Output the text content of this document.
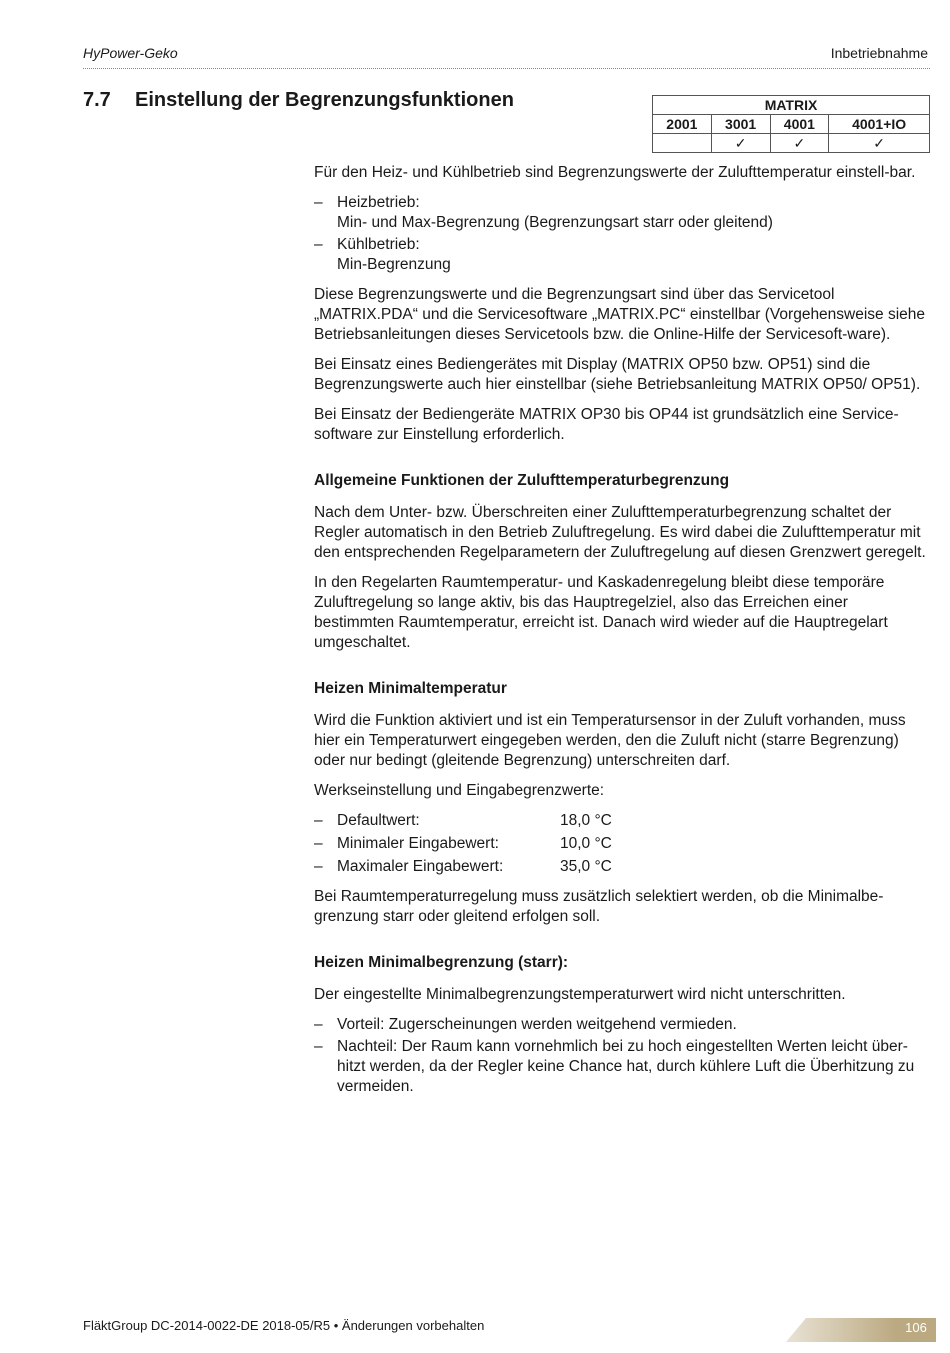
HyPower-Geko	Inbetriebnahme
7.7 Einstellung der Begrenzungsfunktionen	MATRIX			
2001	3001	4001	4001+IO
	✓	✓	✓

Für den Heiz- und Kühlbetrieb sind Begrenzungswerte der Zulufttemperatur einstell-bar.

– Heizbetrieb:
Min- und Max-Begrenzung (Begrenzungsart starr oder gleitend)
– Kühlbetrieb:
Min-Begrenzung

Diese Begrenzungswerte und die Begrenzungsart sind über das Servicetool „MATRIX.PDA“ und die Servicesoftware „MATRIX.PC“ einstellbar (Vorgehensweise siehe Betriebsanleitungen dieses Servicetools bzw. die Online-Hilfe der Servicesoft-ware).

Bei Einsatz eines Bediengerätes mit Display (MATRIX OP50 bzw. OP51) sind die Begrenzungswerte auch hier einstellbar (siehe Betriebsanleitung MATRIX OP50/ OP51).

Bei Einsatz der Bediengeräte MATRIX OP30 bis OP44 ist grundsätzlich eine Service-software zur Einstellung erforderlich.

Allgemeine Funktionen der Zulufttemperaturbegrenzung

Nach dem Unter- bzw. Überschreiten einer Zulufttemperaturbegrenzung schaltet der Regler automatisch in den Betrieb Zuluftregelung. Es wird dabei die Zulufttemperatur mit den entsprechenden Regelparametern der Zuluftregelung auf diesen Grenzwert geregelt.

In den Regelarten Raumtemperatur- und Kaskadenregelung bleibt diese temporäre Zuluftregelung so lange aktiv, bis das Hauptregelziel, also das Erreichen einer bestimmten Raumtemperatur, erreicht ist. Danach wird wieder auf die Hauptregelart umgeschaltet.

Heizen Minimaltemperatur

Wird die Funktion aktiviert und ist ein Temperatursensor in der Zuluft vorhanden, muss hier ein Temperaturwert eingegeben werden, den die Zuluft nicht (starre Begrenzung) oder nur bedingt (gleitende Begrenzung) unterschreiten darf.

Werkseinstellung und Eingabegrenzwerte:

– Defaultwert:	18,0 °C
– Minimaler Eingabewert:	10,0 °C
– Maximaler Eingabewert:	35,0 °C

Bei Raumtemperaturregelung muss zusätzlich selektiert werden, ob die Minimalbe-grenzung starr oder gleitend erfolgen soll.

Heizen Minimalbegrenzung (starr):

Der eingestellte Minimalbegrenzungstemperaturwert wird nicht unterschritten.

– Vorteil: Zugerscheinungen werden weitgehend vermieden.
– Nachteil: Der Raum kann vornehmlich bei zu hoch eingestellten Werten leicht über-hitzt werden, da der Regler keine Chance hat, durch kühlere Luft die Überhitzung zu vermeiden.
FläktGroup DC-2014-0022-DE 2018-05/R5 • Änderungen vorbehalten	106
